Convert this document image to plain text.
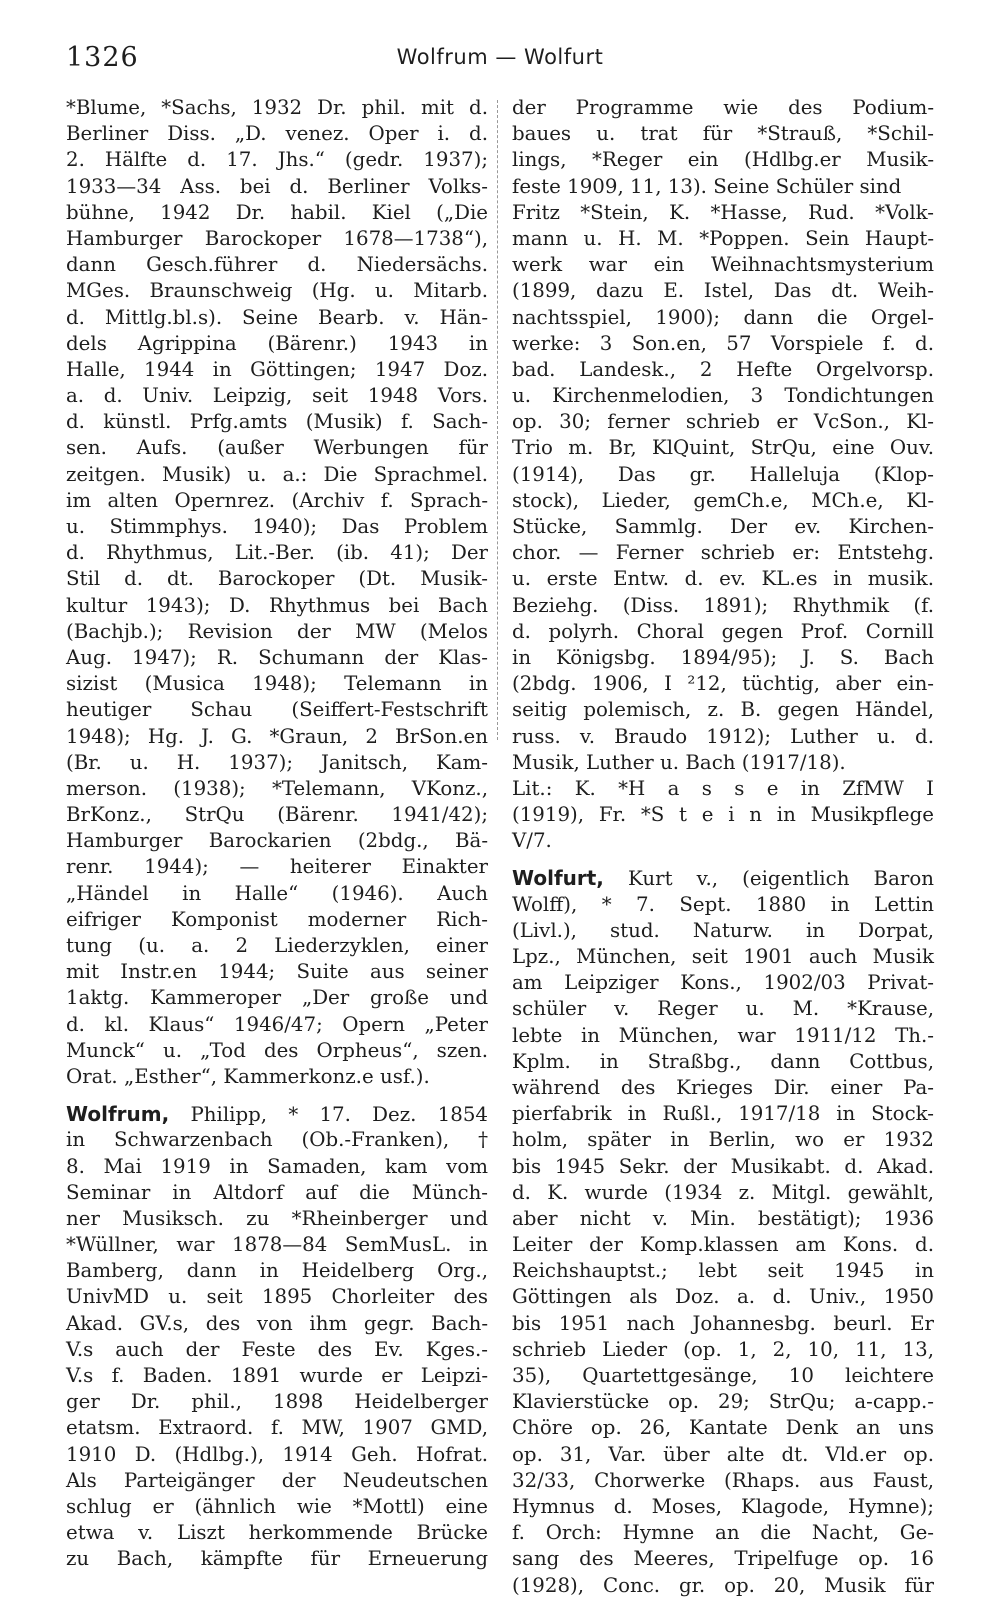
1326	Wolfrum — Wolfurt
*Blume, *Sachs, 1932 Dr. phil. mit d.
Berliner Diss. „D. venez. Oper i. d.
2. Hälfte d. 17. Jhs.“ (gedr. 1937);
1933—34 Ass. bei d. Berliner Volks-
bühne, 1942 Dr. habil. Kiel („Die
Hamburger Barockoper 1678—1738“),
dann Gesch.führer d. Niedersächs.
MGes. Braunschweig (Hg. u. Mitarb.
d. Mittlg.bl.s). Seine Bearb. v. Hän-
dels Agrippina (Bärenr.) 1943 in
Halle, 1944 in Göttingen; 1947 Doz.
a. d. Univ. Leipzig, seit 1948 Vors.
d. künstl. Prfg.amts (Musik) f. Sach-
sen. Aufs. (außer Werbungen für
zeitgen. Musik) u. a.: Die Sprachmel.
im alten Opernrez. (Archiv f. Sprach-
u. Stimmphys. 1940); Das Problem
d. Rhythmus, Lit.-Ber. (ib. 41); Der
Stil d. dt. Barockoper (Dt. Musik-
kultur 1943); D. Rhythmus bei Bach
(Bachjb.); Revision der MW (Melos
Aug. 1947); R. Schumann der Klas-
sizist (Musica 1948); Telemann in
heutiger Schau (Seiffert-Festschrift
1948); Hg. J. G. *Graun, 2 BrSon.en
(Br. u. H. 1937); Janitsch, Kam-
merson. (1938); *Telemann, VKonz.,
BrKonz., StrQu (Bärenr. 1941/42);
Hamburger Barockarien (2bdg., Bä-
renr. 1944); — heiterer Einakter
„Händel in Halle“ (1946). Auch
eifriger Komponist moderner Rich-
tung (u. a. 2 Liederzyklen, einer
mit Instr.en 1944; Suite aus seiner
1aktg. Kammeroper „Der große und
d. kl. Klaus“ 1946/47; Opern „Peter
Munck“ u. „Tod des Orpheus“, szen.
Orat. „Esther“, Kammerkonz.e usf.).
Wolfrum, Philipp, * 17. Dez. 1854
in Schwarzenbach (Ob.-Franken), †
8. Mai 1919 in Samaden, kam vom
Seminar in Altdorf auf die Münch-
ner Musiksch. zu *Rheinberger und
*Wüllner, war 1878—84 SemMusL. in
Bamberg, dann in Heidelberg Org.,
UnivMD u. seit 1895 Chorleiter des
Akad. GV.s, des von ihm gegr. Bach-
V.s auch der Feste des Ev. Kges.-
V.s f. Baden. 1891 wurde er Leipzi-
ger Dr. phil., 1898 Heidelberger
etatsm. Extraord. f. MW, 1907 GMD,
1910 D. (Hdlbg.), 1914 Geh. Hofrat.
Als Parteigänger der Neudeutschen
schlug er (ähnlich wie *Mottl) eine
etwa v. Liszt herkommende Brücke
zu Bach, kämpfte für Erneuerung
der Programme wie des Podium-
baues u. trat für *Strauß, *Schil-
lings, *Reger ein (Hdlbg.er Musik-
feste 1909, 11, 13). Seine Schüler sind
Fritz *Stein, K. *Hasse, Rud. *Volk-
mann u. H. M. *Poppen. Sein Haupt-
werk war ein Weihnachtsmysterium
(1899, dazu E. Istel, Das dt. Weih-
nachtsspiel, 1900); dann die Orgel-
werke: 3 Son.en, 57 Vorspiele f. d.
bad. Landesk., 2 Hefte Orgelvorsp.
u. Kirchenmelodien, 3 Tondichtungen
op. 30; ferner schrieb er VcSon., Kl-
Trio m. Br, KlQuint, StrQu, eine Ouv.
(1914), Das gr. Halleluja (Klop-
stock), Lieder, gemCh.e, MCh.e, Kl-
Stücke, Sammlg. Der ev. Kirchen-
chor. — Ferner schrieb er: Entstehg.
u. erste Entw. d. ev. KL.es in musik.
Beziehg. (Diss. 1891); Rhythmik (f.
d. polyrh. Choral gegen Prof. Cornill
in Königsbg. 1894/95); J. S. Bach
(2bdg. 1906, I ²12, tüchtig, aber ein-
seitig polemisch, z. B. gegen Händel,
russ. v. Braudo 1912); Luther u. d.
Musik, Luther u. Bach (1917/18).
Lit.: K. *H a s s e in ZfMW I
(1919), Fr. *S t e i n in Musikpflege
V/7.
Wolfurt, Kurt v., (eigentlich Baron
Wolff), * 7. Sept. 1880 in Lettin
(Livl.), stud. Naturw. in Dorpat,
Lpz., München, seit 1901 auch Musik
am Leipziger Kons., 1902/03 Privat-
schüler v. Reger u. M. *Krause,
lebte in München, war 1911/12 Th.-
Kplm. in Straßbg., dann Cottbus,
während des Krieges Dir. einer Pa-
pierfabrik in Rußl., 1917/18 in Stock-
holm, später in Berlin, wo er 1932
bis 1945 Sekr. der Musikabt. d. Akad.
d. K. wurde (1934 z. Mitgl. gewählt,
aber nicht v. Min. bestätigt); 1936
Leiter der Komp.klassen am Kons. d.
Reichshauptst.; lebt seit 1945 in
Göttingen als Doz. a. d. Univ., 1950
bis 1951 nach Johannesbg. beurl. Er
schrieb Lieder (op. 1, 2, 10, 11, 13,
35), Quartettgesänge, 10 leichtere
Klavierstücke op. 29; StrQu; a-capp.-
Chöre op. 26, Kantate Denk an uns
op. 31, Var. über alte dt. Vld.er op.
32/33, Chorwerke (Rhaps. aus Faust,
Hymnus d. Moses, Klagode, Hymne);
f. Orch: Hymne an die Nacht, Ge-
sang des Meeres, Tripelfuge op. 16
(1928), Conc. gr. op. 20, Musik für
